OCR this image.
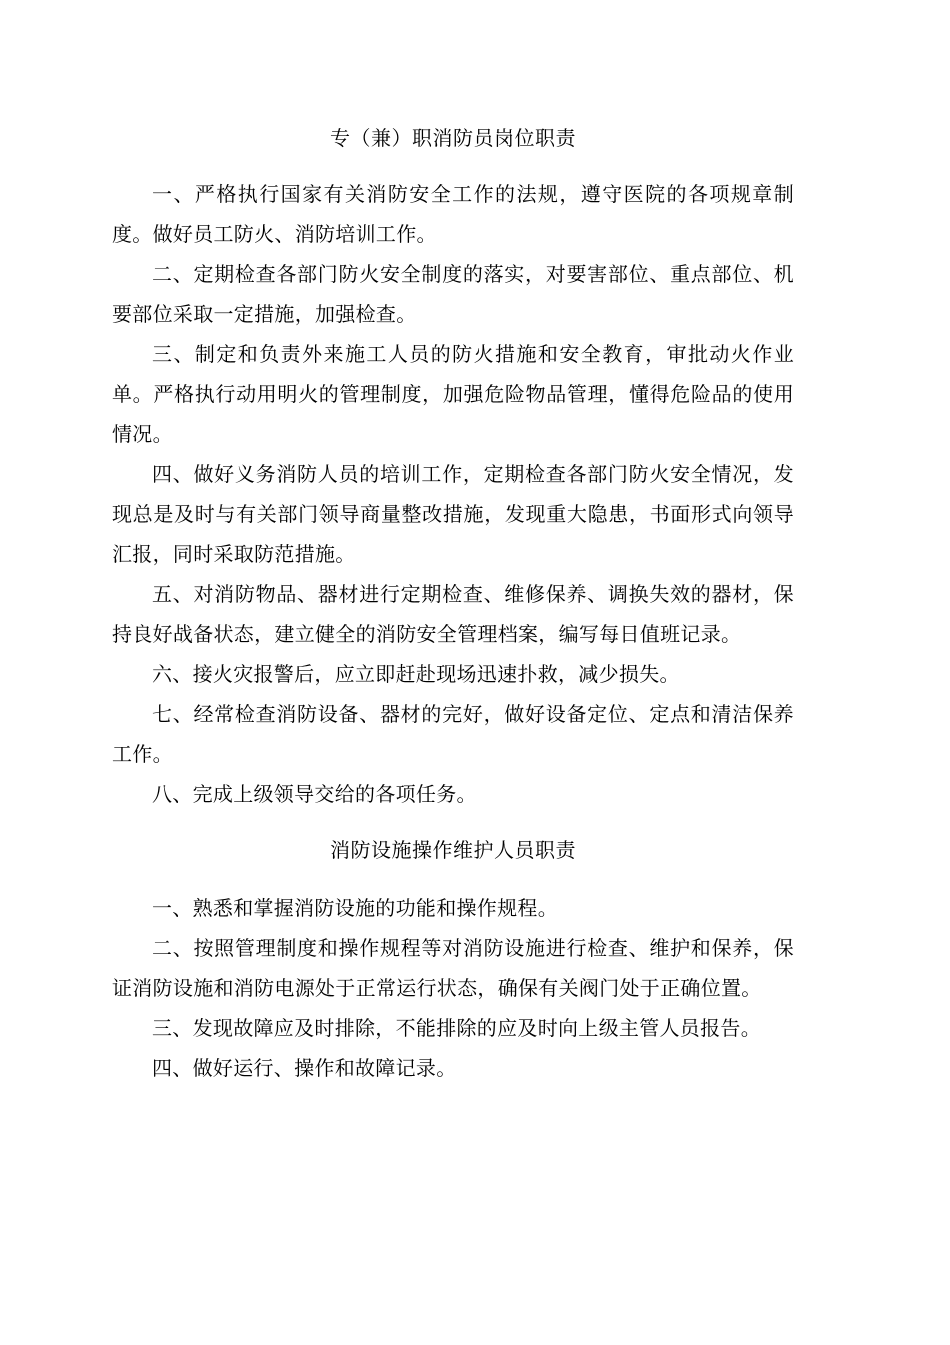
专（兼）职消防员岗位职责

一、严格执行国家有关消防安全工作的法规，遵守医院的各项规章制度。做好员工防火、消防培训工作。

二、定期检查各部门防火安全制度的落实，对要害部位、重点部位、机要部位采取一定措施，加强检查。

三、制定和负责外来施工人员的防火措施和安全教育，审批动火作业单。严格执行动用明火的管理制度，加强危险物品管理，懂得危险品的使用情况。

四、做好义务消防人员的培训工作，定期检查各部门防火安全情况，发现总是及时与有关部门领导商量整改措施，发现重大隐患，书面形式向领导汇报，同时采取防范措施。

五、对消防物品、器材进行定期检查、维修保养、调换失效的器材，保持良好战备状态，建立健全的消防安全管理档案，编写每日值班记录。

六、接火灾报警后，应立即赶赴现场迅速扑救，减少损失。

七、经常检查消防设备、器材的完好，做好设备定位、定点和清洁保养工作。

八、完成上级领导交给的各项任务。

消防设施操作维护人员职责

一、熟悉和掌握消防设施的功能和操作规程。

二、按照管理制度和操作规程等对消防设施进行检查、维护和保养，保证消防设施和消防电源处于正常运行状态，确保有关阀门处于正确位置。

三、发现故障应及时排除，不能排除的应及时向上级主管人员报告。

四、做好运行、操作和故障记录。
